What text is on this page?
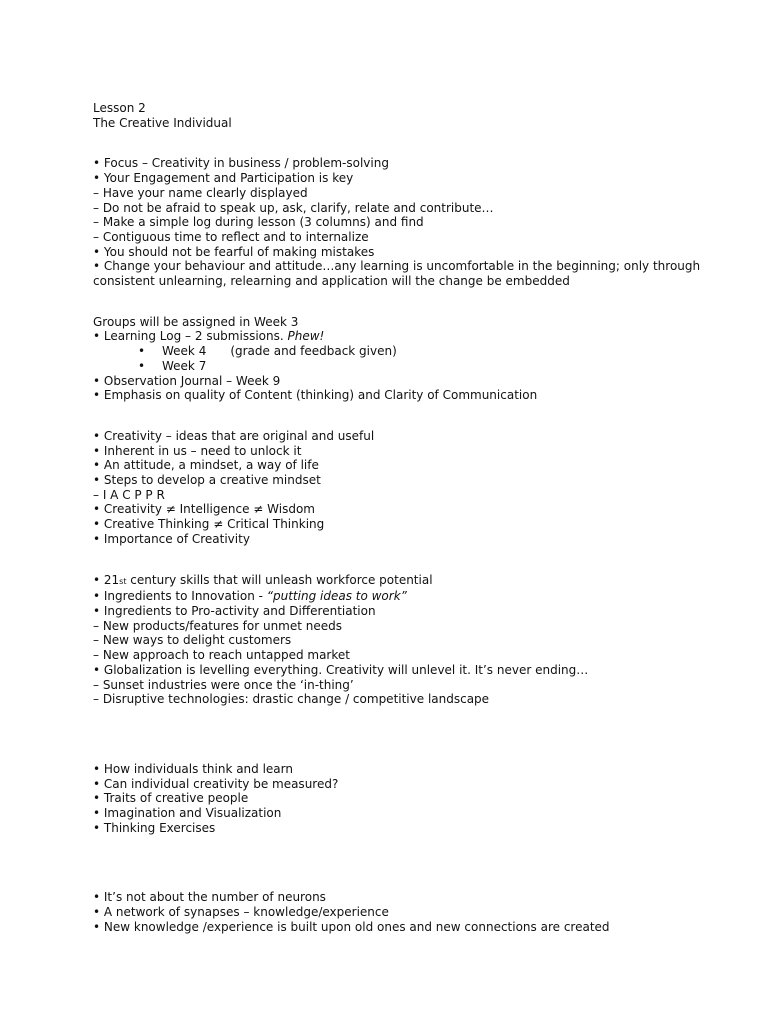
Lesson 2
The Creative Individual
• Focus – Creativity in business / problem-solving
• Your Engagement and Participation is key
– Have your name clearly displayed
– Do not be afraid to speak up, ask, clarify, relate and contribute…
– Make a simple log during lesson (3 columns) and find
– Contiguous time to reflect and to internalize
• You should not be fearful of making mistakes
• Change your behaviour and attitude…any learning is uncomfortable in the beginning; only through
consistent unlearning, relearning and application will the change be embedded
Groups will be assigned in Week 3
• Learning Log – 2 submissions. Phew!
• Week 4 (grade and feedback given)
• Week 7
• Observation Journal – Week 9
• Emphasis on quality of Content (thinking) and Clarity of Communication
• Creativity – ideas that are original and useful
• Inherent in us – need to unlock it
• An attitude, a mindset, a way of life
• Steps to develop a creative mindset
– I A C P P R
• Creativity ≠ Intelligence ≠ Wisdom
• Creative Thinking ≠ Critical Thinking
• Importance of Creativity
• 21st century skills that will unleash workforce potential
• Ingredients to Innovation - “putting ideas to work”
• Ingredients to Pro-activity and Differentiation
– New products/features for unmet needs
– New ways to delight customers
– New approach to reach untapped market
• Globalization is levelling everything. Creativity will unlevel it. It’s never ending…
– Sunset industries were once the ‘in-thing’
– Disruptive technologies: drastic change / competitive landscape
• How individuals think and learn
• Can individual creativity be measured?
• Traits of creative people
• Imagination and Visualization
• Thinking Exercises
• It’s not about the number of neurons
• A network of synapses – knowledge/experience
• New knowledge /experience is built upon old ones and new connections are created
